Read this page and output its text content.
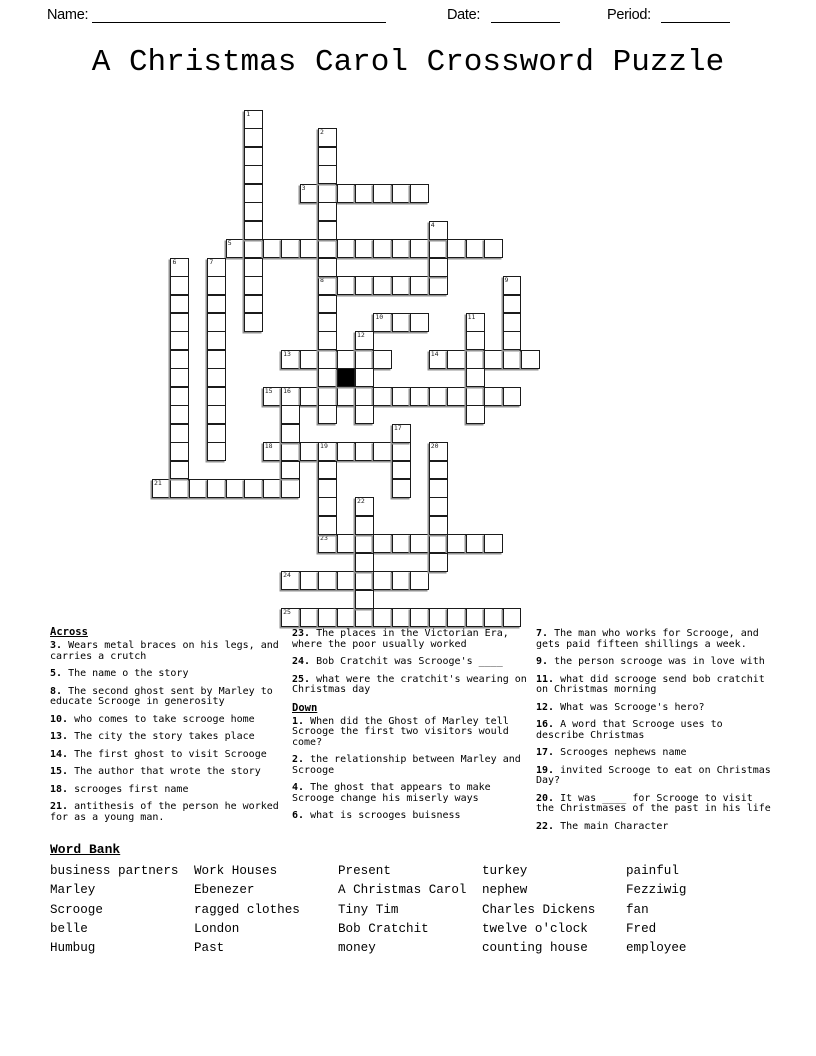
Name:	Date:	Period:
A Christmas Carol Crossword Puzzle
3
5
8
10
13	14
15 16
18	19
21
23
24
25
1
2
4
6	7
9
11
12
17
20
22
Across
3. Wears metal braces on his legs, and carries a crutch
5. The name o the story
8. The second ghost sent by Marley to educate Scrooge in generosity
10. who comes to take scrooge home
13. The city the story takes place
14. The first ghost to visit Scrooge
15. The author that wrote the story
18. scrooges first name
21. antithesis of the person he worked for as a young man.
23. The places in the Victorian Era, where the poor usually worked
24. Bob Cratchit was Scrooge's ____
25. what were the cratchit's wearing on Christmas day
Down
1. When did the Ghost of Marley tell Scrooge the first two visitors would come?
2. the relationship between Marley and Scrooge
4. The ghost that appears to make Scrooge change his miserly ways
6. what is scrooges buisness
7. The man who works for Scrooge, and gets paid fifteen shillings a week.
9. the person scrooge was in love with
11. what did scrooge send bob cratchit on Christmas morning
12. What was Scrooge's hero?
16. A word that Scrooge uses to describe Christmas
17. Scrooges nephews name
19. invited Scrooge to eat on Christmas Day?
20. It was ____ for Scrooge to visit the Christmases of the past in his life
22. The main Character
Word Bank
business partners	Work Houses	Present	turkey	painful
Marley	Ebenezer	A Christmas Carol	nephew	Fezziwig
Scrooge	ragged clothes	Tiny Tim	Charles Dickens	fan
belle	London	Bob Cratchit	twelve o'clock	Fred
Humbug	Past	money	counting house	employee
